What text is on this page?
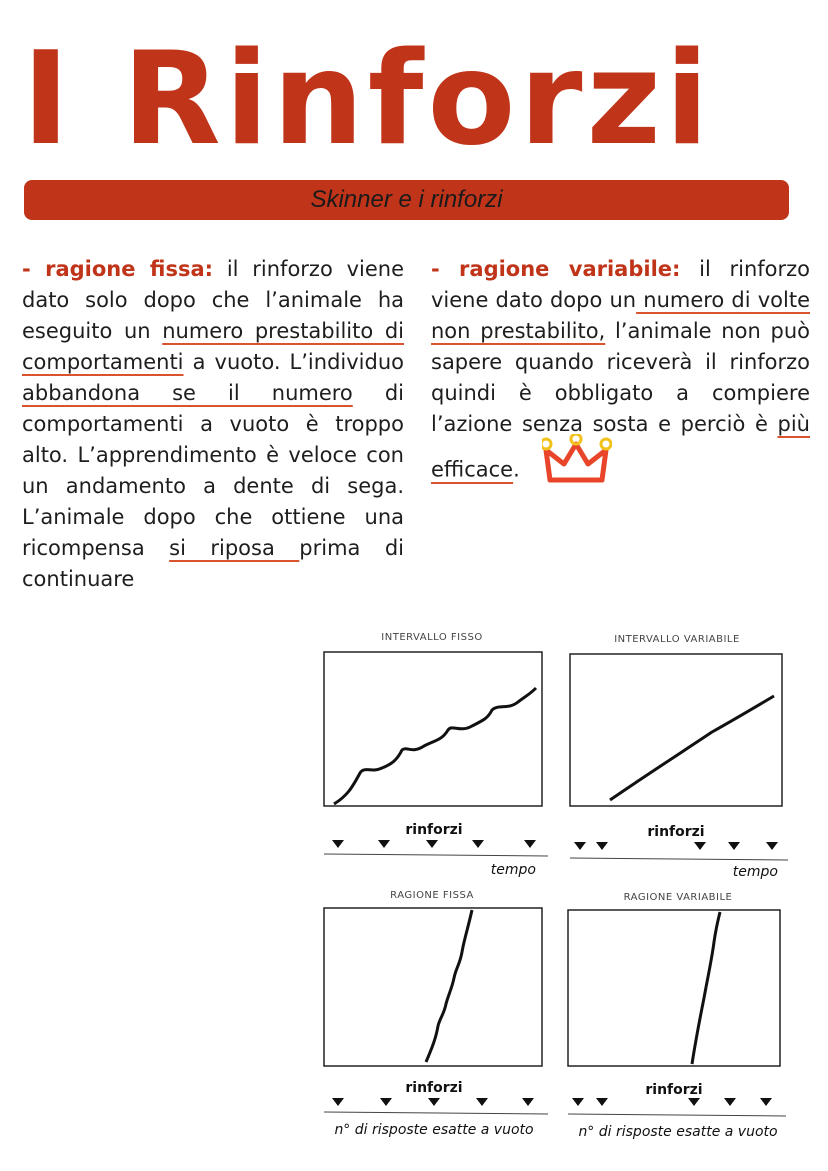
I Rinforzi
Skinner e i rinforzi

- ragione fissa: il rinforzo viene dato solo dopo che l’animale ha eseguito un numero prestabilito di comportamenti a vuoto. L’individuo abbandona se il numero di comportamenti a vuoto è troppo alto. L’apprendimento è veloce con un andamento a dente di sega. L’animale dopo che ottiene una ricompensa si riposa prima di continuare

- ragione variabile: il rinforzo viene dato dopo un numero di volte non prestabilito, l’animale non può sapere quando riceverà il rinforzo quindi è obbligato a compiere l’azione senza sosta e perciò è più efficace.

INTERVALLO FISSO
rinforzi
tempo
INTERVALLO VARIABILE
rinforzi
tempo
RAGIONE FISSA
rinforzi
n° di risposte esatte a vuoto
RAGIONE VARIABILE
rinforzi
n° di risposte esatte a vuoto
